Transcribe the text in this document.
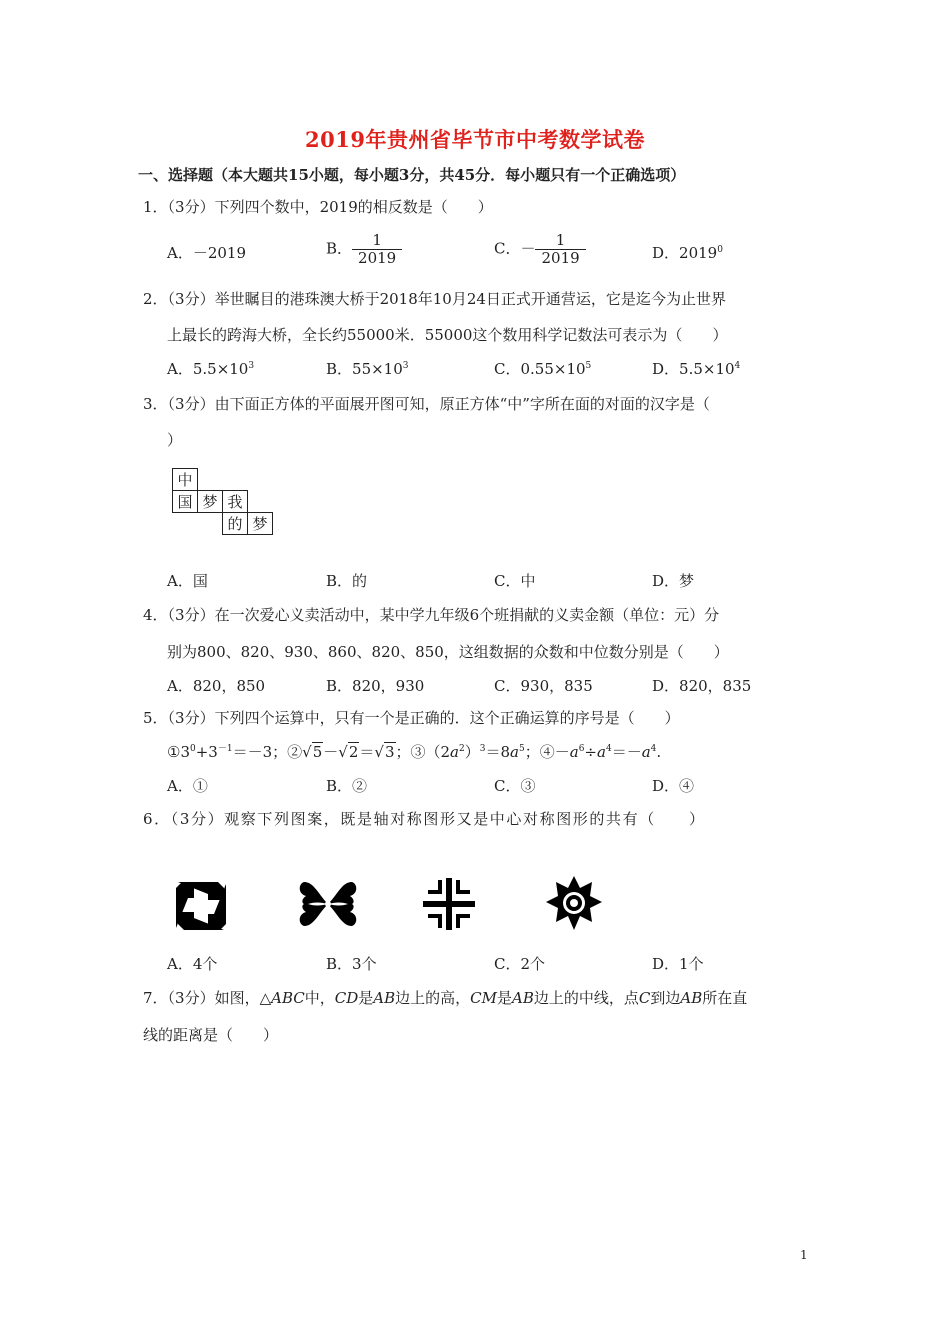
2019年贵州省毕节市中考数学试卷
一、选择题（本大题共15小题，每小题3分，共45分．每小题只有一个正确选项）
1．（3分）下列四个数中，2019的相反数是（　　）
A．－2019	B． $\frac{1}{2019}$	C．－ $\frac{1}{2019}$	D．2019$^0$
2．（3分）举世瞩目的港珠澳大桥于2018年10月24日正式开通营运，它是迄今为止世界
上最长的跨海大桥，全长约55000米．55000这个数用科学记数法可表示为（　　）
A．$5.5\times 10^3$	B．$55\times 10^3$	C．$0.55\times 10^5$	D．$5.5\times 10^4$
3．（3分）由下面正方体的平面展开图可知，原正方体“中”字所在面的对面的汉字是（
）
中			
国	梦	我	
		的	梦
A．国	B．的	C．中	D．梦
4．（3分）在一次爱心义卖活动中，某中学九年级6个班捐献的义卖金额（单位：元）分
别为800、820、930、860、820、850，这组数据的众数和中位数分别是（　　）
A．820，850	B．820，930	C．930，835	D．820，835
5．（3分）下列四个运算中，只有一个是正确的．这个正确运算的序号是（　　）
$①3^0+3^{-1}=-3$；②√5－√2＝√3；$③(2a^2)^3=8a^5$；$④-a^6\div a^4=-a^4$.
A．①	B．②	C．③	D．④
6．（3分）观察下列图案，既是轴对称图形又是中心对称图形的共有（　　）
A．4个	B．3个	C．2个	D．1个
7．（3分）如图，△ABC中，CD是AB边上的高，CM是AB边上的中线，点C到边AB所在直
线的距离是（　　）
1
